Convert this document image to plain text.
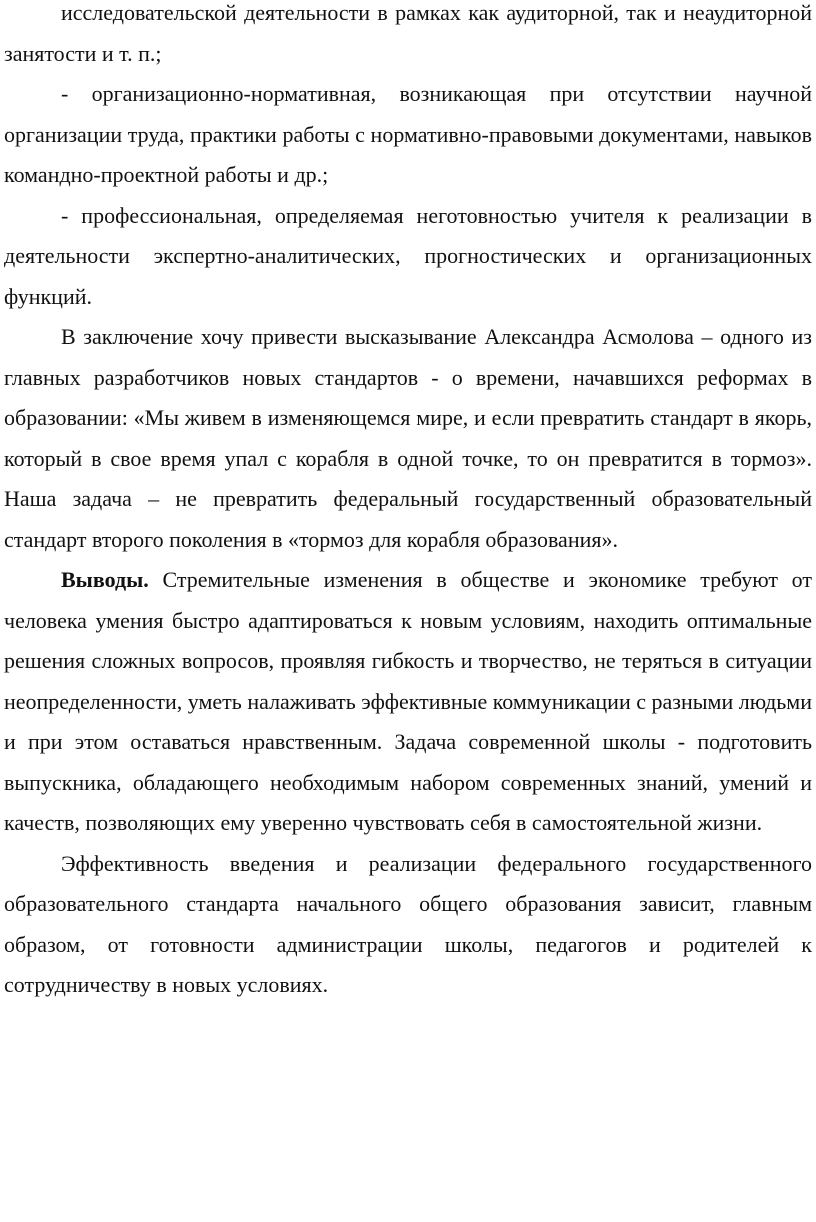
исследовательской деятельности в рамках как аудиторной, так и неаудиторной занятости и т. п.;

- организационно-нормативная, возникающая при отсутствии научной организации труда, практики работы с нормативно-правовыми документами, навыков командно-проектной работы и др.;

- профессиональная, определяемая неготовностью учителя к реализации в деятельности экспертно-аналитических, прогностических и организационных функций.

В заключение хочу привести высказывание Александра Асмолова – одного из главных разработчиков новых стандартов - о времени, начавшихся реформах в образовании: «Мы живем в изменяющемся мире, и если превратить стандарт в якорь, который в свое время упал с корабля в одной точке, то он превратится в тормоз». Наша задача – не превратить федеральный государственный образовательный стандарт второго поколения в «тормоз для корабля образования».

Выводы. Стремительные изменения в обществе и экономике требуют от человека умения быстро адаптироваться к новым условиям, находить оптимальные решения сложных вопросов, проявляя гибкость и творчество, не теряться в ситуации неопределенности, уметь налаживать эффективные коммуникации с разными людьми и при этом оставаться нравственным. Задача современной школы - подготовить выпускника, обладающего необходимым набором современных знаний, умений и качеств, позволяющих ему уверенно чувствовать себя в самостоятельной жизни.

Эффективность введения и реализации федерального государственного образовательного стандарта начального общего образования зависит, главным образом, от готовности администрации школы, педагогов и родителей к сотрудничеству в новых условиях.
